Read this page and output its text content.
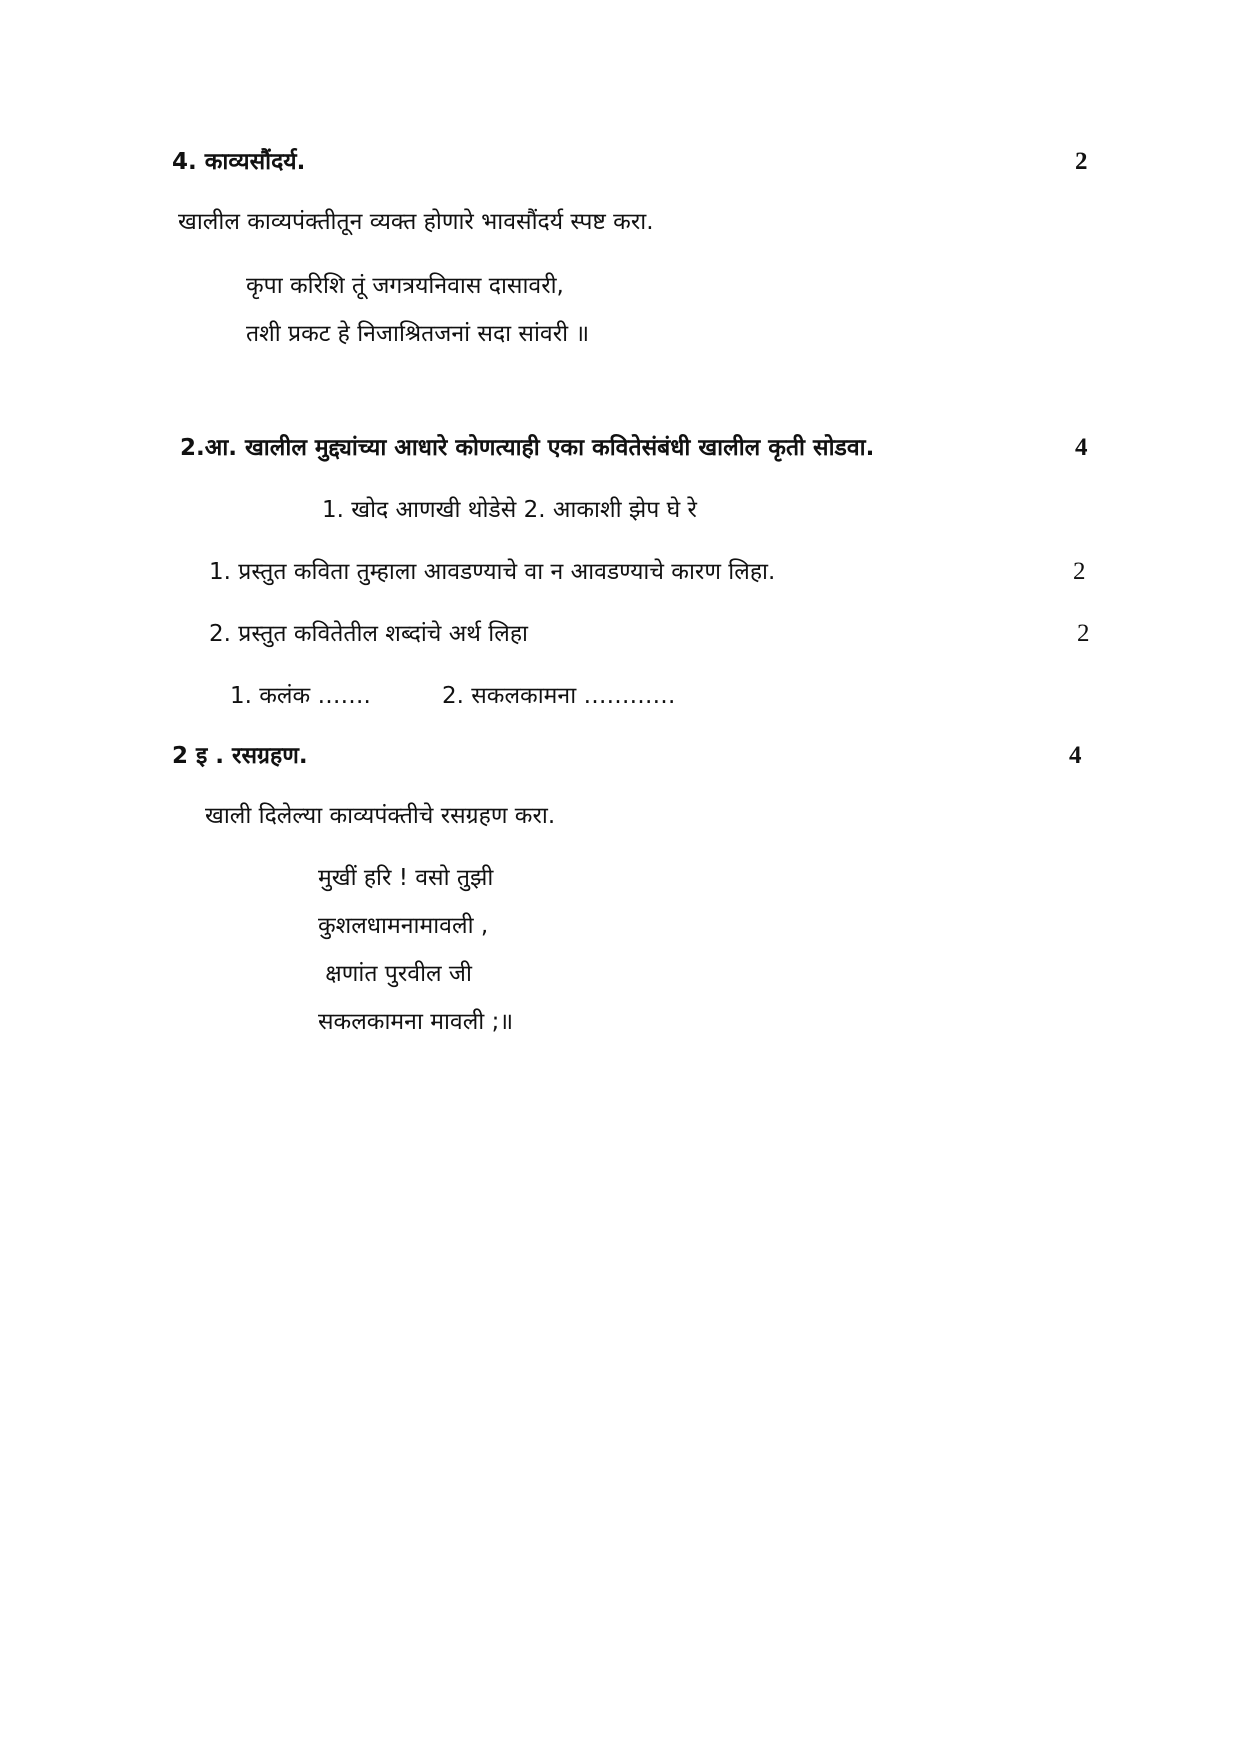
4. काव्यसौंदर्य.	2
खालील काव्यपंक्तीतून व्यक्त होणारे भावसौंदर्य स्पष्ट करा.
कृपा करिशि तूं जगत्रयनिवास दासावरी,
तशी प्रकट हे निजाश्रितजनां सदा सांवरी ॥
2.आ. खालील मुद्द्यांच्या आधारे कोणत्याही एका कवितेसंबंधी खालील कृती सोडवा.	4
1. खोद आणखी थोडेसे 2. आकाशी झेप घे रे
1. प्रस्तुत कविता तुम्हाला आवडण्याचे वा न आवडण्याचे कारण लिहा.	2
2. प्रस्तुत कवितेतील शब्दांचे अर्थ लिहा	2
1. कलंक …….	2. सकलकामना …………
2 इ . रसग्रहण.	4
खाली दिलेल्या काव्यपंक्तीचे रसग्रहण करा.
मुखीं हरि ! वसो तुझी
कुशलधामनामावली ,
क्षणांत पुरवील जी
सकलकामना मावली ;॥
